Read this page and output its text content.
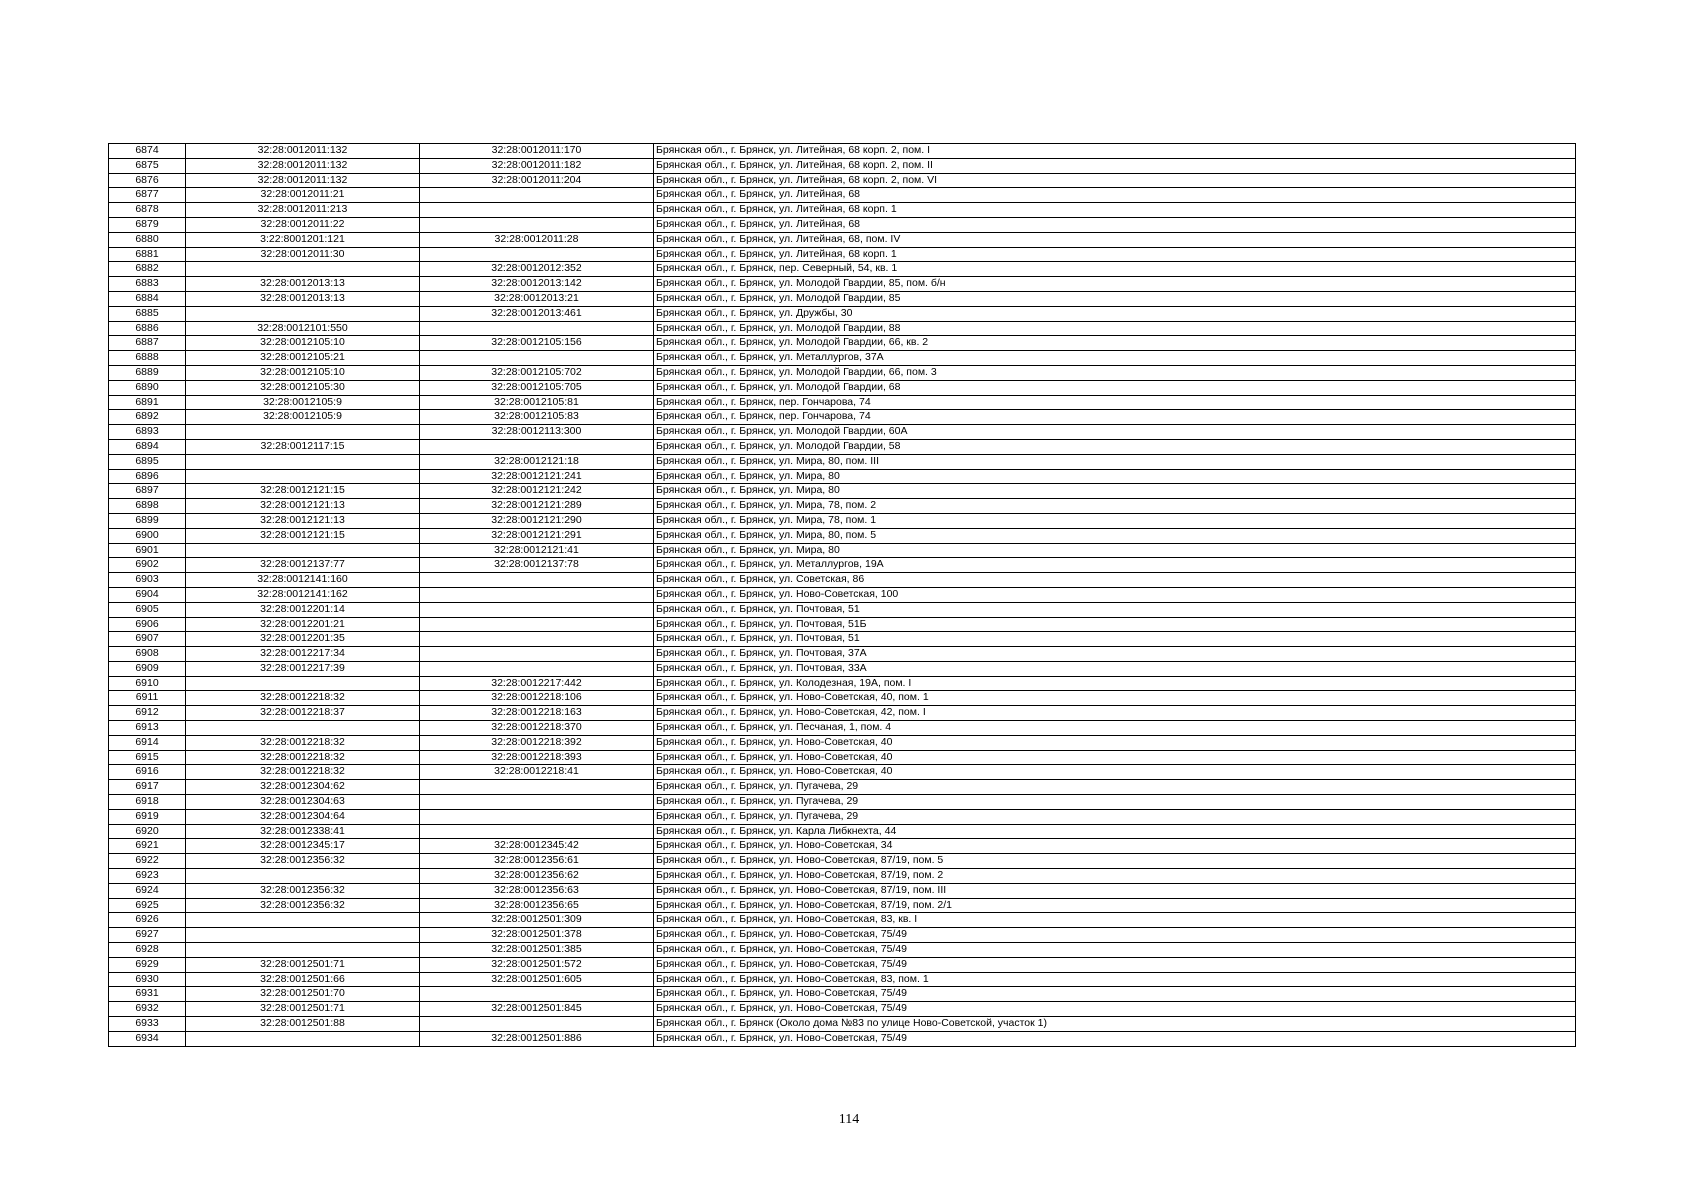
6874	32:28:0012011:132	32:28:0012011:170	Брянская обл., г. Брянск, ул. Литейная, 68 корп. 2, пом. I
6875	32:28:0012011:132	32:28:0012011:182	Брянская обл., г. Брянск, ул. Литейная, 68 корп. 2, пом. II
6876	32:28:0012011:132	32:28:0012011:204	Брянская обл., г. Брянск, ул. Литейная, 68 корп. 2, пом. VI
6877	32:28:0012011:21		Брянская обл., г. Брянск, ул. Литейная, 68
6878	32:28:0012011:213		Брянская обл., г. Брянск, ул. Литейная, 68 корп. 1
6879	32:28:0012011:22		Брянская обл., г. Брянск, ул. Литейная, 68
6880	3:22:8001201:121	32:28:0012011:28	Брянская обл., г. Брянск, ул. Литейная, 68, пом. IV
6881	32:28:0012011:30		Брянская обл., г. Брянск, ул. Литейная, 68 корп. 1
6882		32:28:0012012:352	Брянская обл., г. Брянск, пер. Северный, 54, кв. 1
6883	32:28:0012013:13	32:28:0012013:142	Брянская обл., г. Брянск, ул. Молодой Гвардии, 85, пом. б/н
6884	32:28:0012013:13	32:28:0012013:21	Брянская обл., г. Брянск, ул. Молодой Гвардии, 85
6885		32:28:0012013:461	Брянская обл., г. Брянск, ул. Дружбы, 30
6886	32:28:0012101:550		Брянская обл., г. Брянск, ул. Молодой Гвардии, 88
6887	32:28:0012105:10	32:28:0012105:156	Брянская обл., г. Брянск, ул. Молодой Гвардии, 66, кв. 2
6888	32:28:0012105:21		Брянская обл., г. Брянск, ул. Металлургов, 37А
6889	32:28:0012105:10	32:28:0012105:702	Брянская обл., г. Брянск, ул. Молодой Гвардии, 66, пом. 3
6890	32:28:0012105:30	32:28:0012105:705	Брянская обл., г. Брянск, ул. Молодой Гвардии, 68
6891	32:28:0012105:9	32:28:0012105:81	Брянская обл., г. Брянск, пер. Гончарова, 74
6892	32:28:0012105:9	32:28:0012105:83	Брянская обл., г. Брянск, пер. Гончарова, 74
6893		32:28:0012113:300	Брянская обл., г. Брянск, ул. Молодой Гвардии, 60А
6894	32:28:0012117:15		Брянская обл., г. Брянск, ул. Молодой Гвардии, 58
6895		32:28:0012121:18	Брянская обл., г. Брянск, ул. Мира, 80, пом. III
6896		32:28:0012121:241	Брянская обл., г. Брянск, ул. Мира, 80
6897	32:28:0012121:15	32:28:0012121:242	Брянская обл., г. Брянск, ул. Мира, 80
6898	32:28:0012121:13	32:28:0012121:289	Брянская обл., г. Брянск, ул. Мира, 78, пом. 2
6899	32:28:0012121:13	32:28:0012121:290	Брянская обл., г. Брянск, ул. Мира, 78, пом. 1
6900	32:28:0012121:15	32:28:0012121:291	Брянская обл., г. Брянск, ул. Мира, 80, пом. 5
6901		32:28:0012121:41	Брянская обл., г. Брянск, ул. Мира, 80
6902	32:28:0012137:77	32:28:0012137:78	Брянская обл., г. Брянск, ул. Металлургов, 19А
6903	32:28:0012141:160		Брянская обл., г. Брянск, ул. Советская, 86
6904	32:28:0012141:162		Брянская обл., г. Брянск, ул. Ново-Советская, 100
6905	32:28:0012201:14		Брянская обл., г. Брянск, ул. Почтовая, 51
6906	32:28:0012201:21		Брянская обл., г. Брянск, ул. Почтовая, 51Б
6907	32:28:0012201:35		Брянская обл., г. Брянск, ул. Почтовая, 51
6908	32:28:0012217:34		Брянская обл., г. Брянск, ул. Почтовая, 37А
6909	32:28:0012217:39		Брянская обл., г. Брянск, ул. Почтовая, 33А
6910		32:28:0012217:442	Брянская обл., г. Брянск, ул. Колодезная, 19А, пом. I
6911	32:28:0012218:32	32:28:0012218:106	Брянская обл., г. Брянск, ул. Ново-Советская, 40, пом. 1
6912	32:28:0012218:37	32:28:0012218:163	Брянская обл., г. Брянск, ул. Ново-Советская, 42, пом. I
6913		32:28:0012218:370	Брянская обл., г. Брянск, ул. Песчаная, 1, пом. 4
6914	32:28:0012218:32	32:28:0012218:392	Брянская обл., г. Брянск, ул. Ново-Советская, 40
6915	32:28:0012218:32	32:28:0012218:393	Брянская обл., г. Брянск, ул. Ново-Советская, 40
6916	32:28:0012218:32	32:28:0012218:41	Брянская обл., г. Брянск, ул. Ново-Советская, 40
6917	32:28:0012304:62		Брянская обл., г. Брянск, ул. Пугачева, 29
6918	32:28:0012304:63		Брянская обл., г. Брянск, ул. Пугачева, 29
6919	32:28:0012304:64		Брянская обл., г. Брянск, ул. Пугачева, 29
6920	32:28:0012338:41		Брянская обл., г. Брянск, ул. Карла Либкнехта, 44
6921	32:28:0012345:17	32:28:0012345:42	Брянская обл., г. Брянск, ул. Ново-Советская, 34
6922	32:28:0012356:32	32:28:0012356:61	Брянская обл., г. Брянск, ул. Ново-Советская, 87/19, пом. 5
6923		32:28:0012356:62	Брянская обл., г. Брянск, ул. Ново-Советская, 87/19, пом. 2
6924	32:28:0012356:32	32:28:0012356:63	Брянская обл., г. Брянск, ул. Ново-Советская, 87/19, пом. III
6925	32:28:0012356:32	32:28:0012356:65	Брянская обл., г. Брянск, ул. Ново-Советская, 87/19, пом. 2/1
6926		32:28:0012501:309	Брянская обл., г. Брянск, ул. Ново-Советская, 83, кв. I
6927		32:28:0012501:378	Брянская обл., г. Брянск, ул. Ново-Советская, 75/49
6928		32:28:0012501:385	Брянская обл., г. Брянск, ул. Ново-Советская, 75/49
6929	32:28:0012501:71	32:28:0012501:572	Брянская обл., г. Брянск, ул. Ново-Советская, 75/49
6930	32:28:0012501:66	32:28:0012501:605	Брянская обл., г. Брянск, ул. Ново-Советская, 83, пом. 1
6931	32:28:0012501:70		Брянская обл., г. Брянск, ул. Ново-Советская, 75/49
6932	32:28:0012501:71	32:28:0012501:845	Брянская обл., г. Брянск, ул. Ново-Советская, 75/49
6933	32:28:0012501:88		Брянская обл., г. Брянск (Около дома №83 по улице Ново-Советской, участок 1)
6934		32:28:0012501:886	Брянская обл., г. Брянск, ул. Ново-Советская, 75/49
114
